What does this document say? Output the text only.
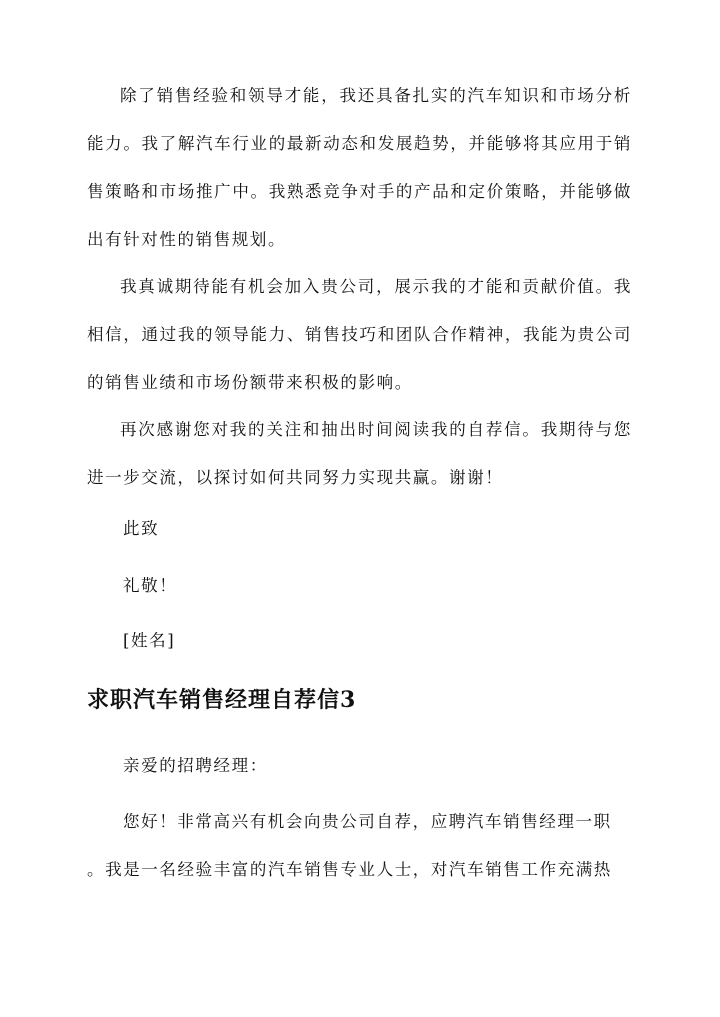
除了销售经验和领导才能，我还具备扎实的汽车知识和市场分析能力。我了解汽车行业的最新动态和发展趋势，并能够将其应用于销售策略和市场推广中。我熟悉竞争对手的产品和定价策略，并能够做出有针对性的销售规划。

我真诚期待能有机会加入贵公司，展示我的才能和贡献价值。我相信，通过我的领导能力、销售技巧和团队合作精神，我能为贵公司的销售业绩和市场份额带来积极的影响。

再次感谢您对我的关注和抽出时间阅读我的自荐信。我期待与您进一步交流，以探讨如何共同努力实现共赢。谢谢！

此致

礼敬！

[姓名]

求职汽车销售经理自荐信3

亲爱的招聘经理：

您好！非常高兴有机会向贵公司自荐，应聘汽车销售经理一职

。我是一名经验丰富的汽车销售专业人士，对汽车销售工作充满热
